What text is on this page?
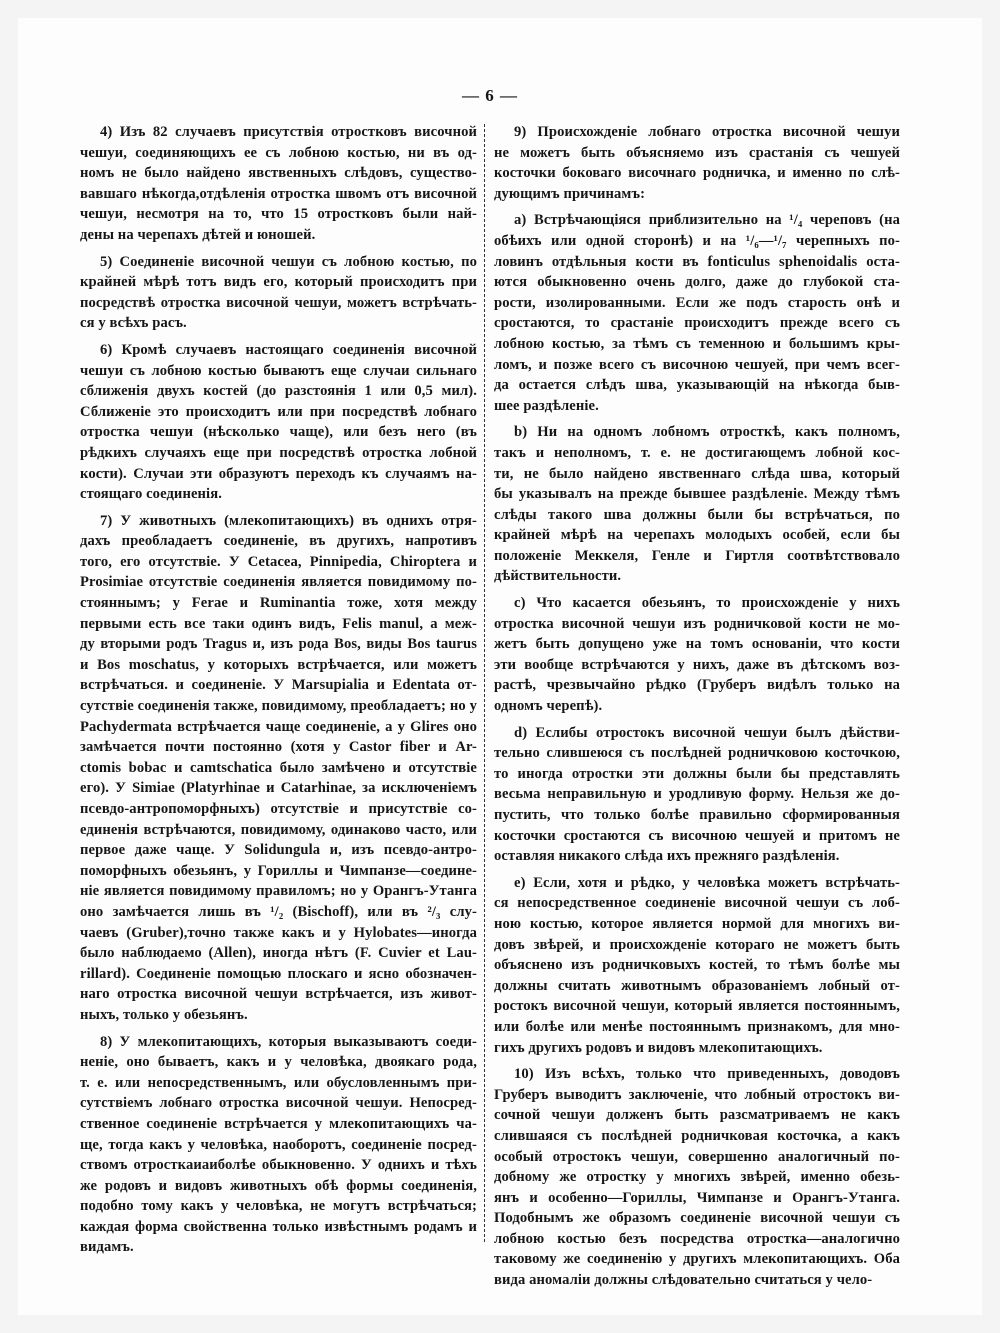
— 6 —
4) Изъ 82 случаевъ присутствія отростковъ височной
чешуи, соединяющихъ ее съ лобною костью, ни въ од-
номъ не было найдено явственныхъ слѣдовъ, существо-
вавшаго нѣкогда,отдѣленія отростка швомъ отъ височной
чешуи, несмотря на то, что 15 отростковъ были най-
дены на черепахъ дѣтей и юношей.
5) Соединеніе височной чешуи съ лобною костью, по
крайней мѣрѣ тотъ видъ его, который происходитъ при
посредствѣ отростка височной чешуи, можетъ встрѣчать-
ся у всѣхъ расъ.
6) Кромѣ случаевъ настоящаго соединенія височной
чешуи съ лобною костью бываютъ еще случаи сильнаго
сближенія двухъ костей (до разстоянія 1 или 0,5 мил).
Сближеніе это происходитъ или при посредствѣ лобнаго
отростка чешуи (нѣсколько чаще), или безъ него (въ
рѣдкихъ случаяхъ еще при посредствѣ отростка лобной
кости). Случаи эти образуютъ переходъ къ случаямъ на-
стоящаго соединенія.
7) У животныхъ (млекопитающихъ) въ однихъ отря-
дахъ преобладаетъ соединеніе, въ другихъ, напротивъ
того, его отсутствіе. У Cetacea, Pinnipedia, Chiroptera и
Prosimiae отсутствіе соединенія является повидимому по-
стояннымъ; у Ferae и Ruminantia тоже, хотя между
первыми есть все таки одинъ видъ, Felis manul, а меж-
ду вторыми родъ Tragus и, изъ рода Bos, виды Bos taurus
и Bos moschatus, у которыхъ встрѣчается, или можетъ
встрѣчаться. и соединеніе. У Marsupialia и Edentata от-
сутствіе соединенія также, повидимому, преобладаетъ; но у
Pachydermata встрѣчается чаще соединеніе, а у Glires оно
замѣчается почти постоянно (хотя у Castor fiber и Ar-
ctomis bobac и camtschatica было замѣчено и отсутствіе
его). У Simiae (Platyrhinae и Catarhinae, за исключеніемъ
псевдо-антропоморфныхъ) отсутствіе и присутствіе со-
единенія встрѣчаются, повидимому, одинаково часто, или
первое даже чаще. У Solidungula и, изъ псевдо-антро-
поморфныхъ обезьянъ, у Гориллы и Чимпанзе—соедине-
ніе является повидимому правиломъ; но у Орангъ-Утанга
оно замѣчается лишь въ ¹/₂ (Bischoff), или въ ²/₃ слу-
чаевъ (Gruber),точно также какъ и у Hylobates—иногда
было наблюдаемо (Allen), иногда нѣтъ (F. Cuvier et Lau-
rillard). Соединеніе помощью плоскаго и ясно обозначен-
наго отростка височной чешуи встрѣчается, изъ живот-
ныхъ, только у обезьянъ.
8) У млекопитающихъ, которыя выказываютъ соеди-
неніе, оно бываетъ, какъ и у человѣка, двоякаго рода,
т. е. или непосредственнымъ, или обусловленнымъ при-
сутствіемъ лобнаго отростка височной чешуи. Непосред-
ственное соединеніе встрѣчается у млекопитающихъ ча-
ще, тогда какъ у человѣка, наоборотъ, соединеніе посред-
ствомъ отросткаиаиболѣе обыкновенно. У однихъ и тѣхъ
же родовъ и видовъ животныхъ обѣ формы соединенія,
подобно тому какъ у человѣка, не могутъ встрѣчаться;
каждая форма свойственна только извѣстнымъ родамъ и
видамъ.
9) Происхожденіе лобнаго отростка височной чешуи
не можетъ быть объясняемо изъ срастанія съ чешуей
косточки боковаго височнаго родничка, и именно по слѣ-
дующимъ причинамъ:
а) Встрѣчающіяся приблизительно на ¹/₄ череповъ (на
обѣихъ или одной сторонѣ) и на ¹/₆—¹/₇ черепныхъ по-
ловинъ отдѣльныя кости въ fonticulus sphenoidalis оста-
ются обыкновенно очень долго, даже до глубокой ста-
рости, изолированными. Если же подъ старость онѣ и
сростаются, то срастаніе происходитъ прежде всего съ
лобною костью, за тѣмъ съ теменною и большимъ кры-
ломъ, и позже всего съ височною чешуей, при чемъ всег-
да остается слѣдъ шва, указывающій на нѣкогда быв-
шее раздѣленіе.
b) Ни на одномъ лобномъ отросткѣ, какъ полномъ,
такъ и неполномъ, т. е. не достигающемъ лобной кос-
ти, не было найдено явственнаго слѣда шва, который
бы указывалъ на прежде бывшее раздѣленіе. Между тѣмъ
слѣды такого шва должны были бы встрѣчаться, по
крайней мѣрѣ на черепахъ молодыхъ особей, если бы
положеніе Меккеля, Генле и Гиртля соотвѣтствовало
дѣйствительности.
c) Что касается обезьянъ, то происхожденіе у нихъ
отростка височной чешуи изъ родничковой кости не мо-
жетъ быть допущено уже на томъ основаніи, что кости
эти вообще встрѣчаются у нихъ, даже въ дѣтскомъ воз-
растѣ, чрезвычайно рѣдко (Груберъ видѣлъ только на
одномъ черепѣ).
d) Еслибы отростокъ височной чешуи былъ дѣйстви-
тельно слившеюся съ послѣдней родничковою косточкою,
то иногда отростки эти должны были бы представлять
весьма неправильную и уродливую форму. Нельзя же до-
пустить, что только болѣе правильно сформированныя
косточки сростаются съ височною чешуей и притомъ не
оставляя никакого слѣда ихъ прежняго раздѣленія.
e) Если, хотя и рѣдко, у человѣка можетъ встрѣчать-
ся непосредственное соединеніе височной чешуи съ лоб-
ною костью, которое является нормой для многихъ ви-
довъ звѣрей, и происхожденіе котораго не можетъ быть
объяснено изъ родничковыхъ костей, то тѣмъ болѣе мы
должны считать животнымъ образованіемъ лобный от-
ростокъ височной чешуи, который является постояннымъ,
или болѣе или менѣе постояннымъ признакомъ, для мно-
гихъ другихъ родовъ и видовъ млекопитающихъ.
10) Изъ всѣхъ, только что приведенныхъ, доводовъ
Груберъ выводитъ заключеніе, что лобный отростокъ ви-
сочной чешуи долженъ быть разсматриваемъ не какъ
слившаяся съ послѣдней родничковая косточка, а какъ
особый отростокъ чешуи, совершенно аналогичный по-
добному же отростку у многихъ звѣрей, именно обезь-
янъ и особенно—Гориллы, Чимпанзе и Орангъ-Утанга.
Подобнымъ же образомъ соединеніе височной чешуи съ
лобною костью безъ посредства отростка—аналогично
таковому же соединенію у другихъ млекопитающихъ. Оба
вида аномаліи должны слѣдовательно считаться у чело-
